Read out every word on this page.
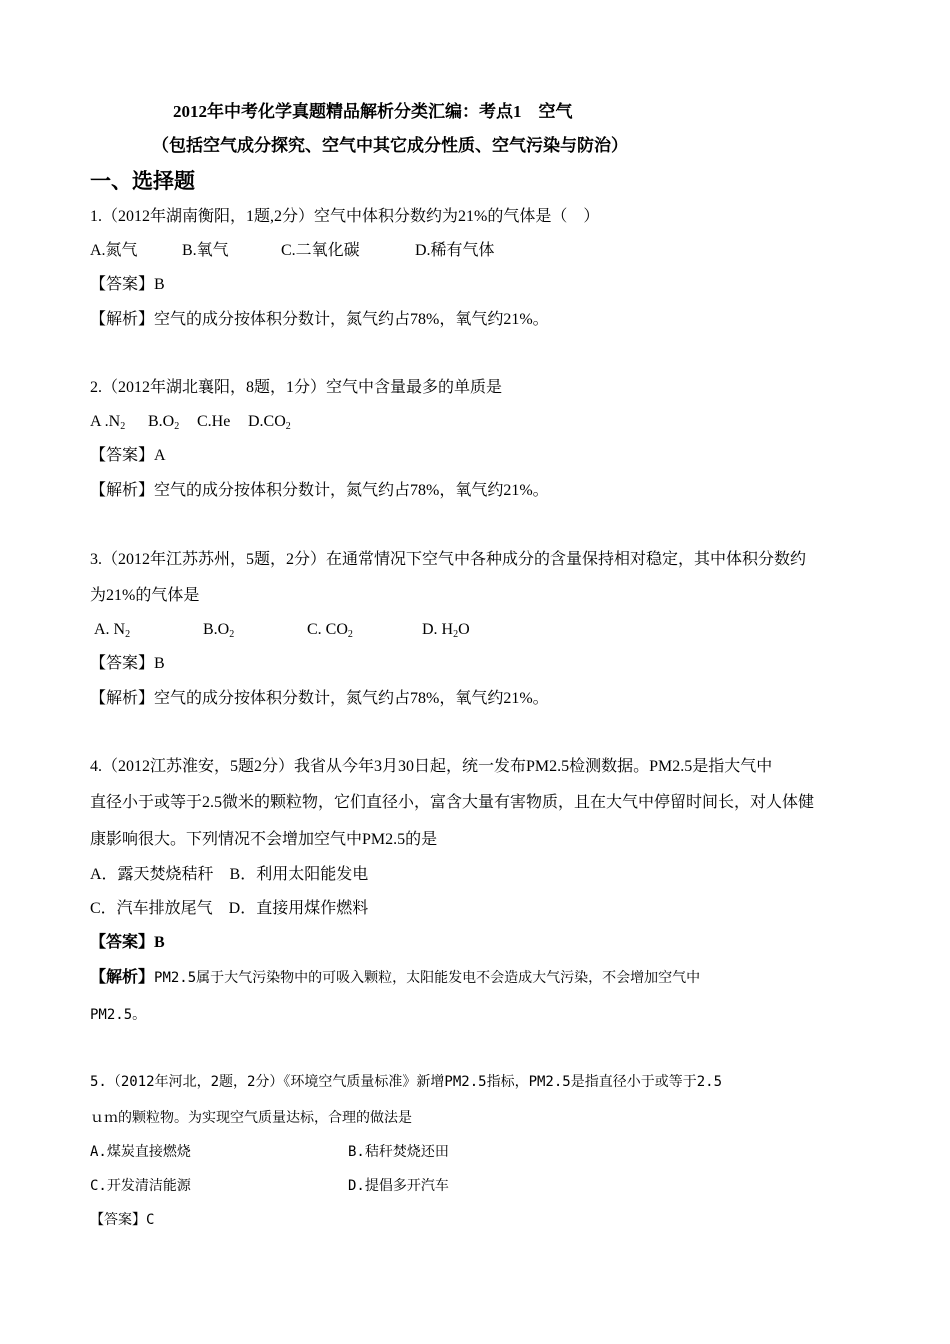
2012年中考化学真题精品解析分类汇编：考点1　空气
（包括空气成分探究、空气中其它成分性质、空气污染与防治）
一、选择题
1.（2012年湖南衡阳，1题,2分）空气中体积分数约为21%的气体是（　）
A.氮气	B.氧气	C.二氧化碳	D.稀有气体
【答案】B
【解析】空气的成分按体积分数计，氮气约占78%，氧气约21%。
2.（2012年湖北襄阳，8题，1分）空气中含量最多的单质是
A $.N_2$ $B.O_2$ C.He $D.CO_2$
【答案】A
【解析】空气的成分按体积分数计，氮气约占78%，氧气约21%。
3.（2012年江苏苏州，5题，2分）在通常情况下空气中各种成分的含量保持相对稳定，其中体积分数约
为21%的气体是
A. $N_2$	$B.O_2$	C. $CO_2$	D. $H_2O$
【答案】B
【解析】空气的成分按体积分数计，氮气约占78%，氧气约21%。
4.（2012江苏淮安，5题2分）我省从今年3月30日起，统一发布PM2.5检测数据。PM2.5是指大气中
直径小于或等于2.5微米的颗粒物，它们直径小，富含大量有害物质，且在大气中停留时间长，对人体健
康影响很大。下列情况不会增加空气中PM2.5的是
A．露天焚烧秸秆　B．利用太阳能发电
C．汽车排放尾气　D．直接用煤作燃料
【答案】B
【解析】PM2.5属于大气污染物中的可吸入颗粒，太阳能发电不会造成大气污染，不会增加空气中
PM2.5。
5.（2012年河北，2题，2分）《环境空气质量标准》新增PM2.5指标，PM2.5是指直径小于或等于2.5
ｕｍ的颗粒物。为实现空气质量达标，合理的做法是
A.煤炭直接燃烧	B.秸秆焚烧还田
C.开发清洁能源	D.提倡多开汽车
【答案】C
